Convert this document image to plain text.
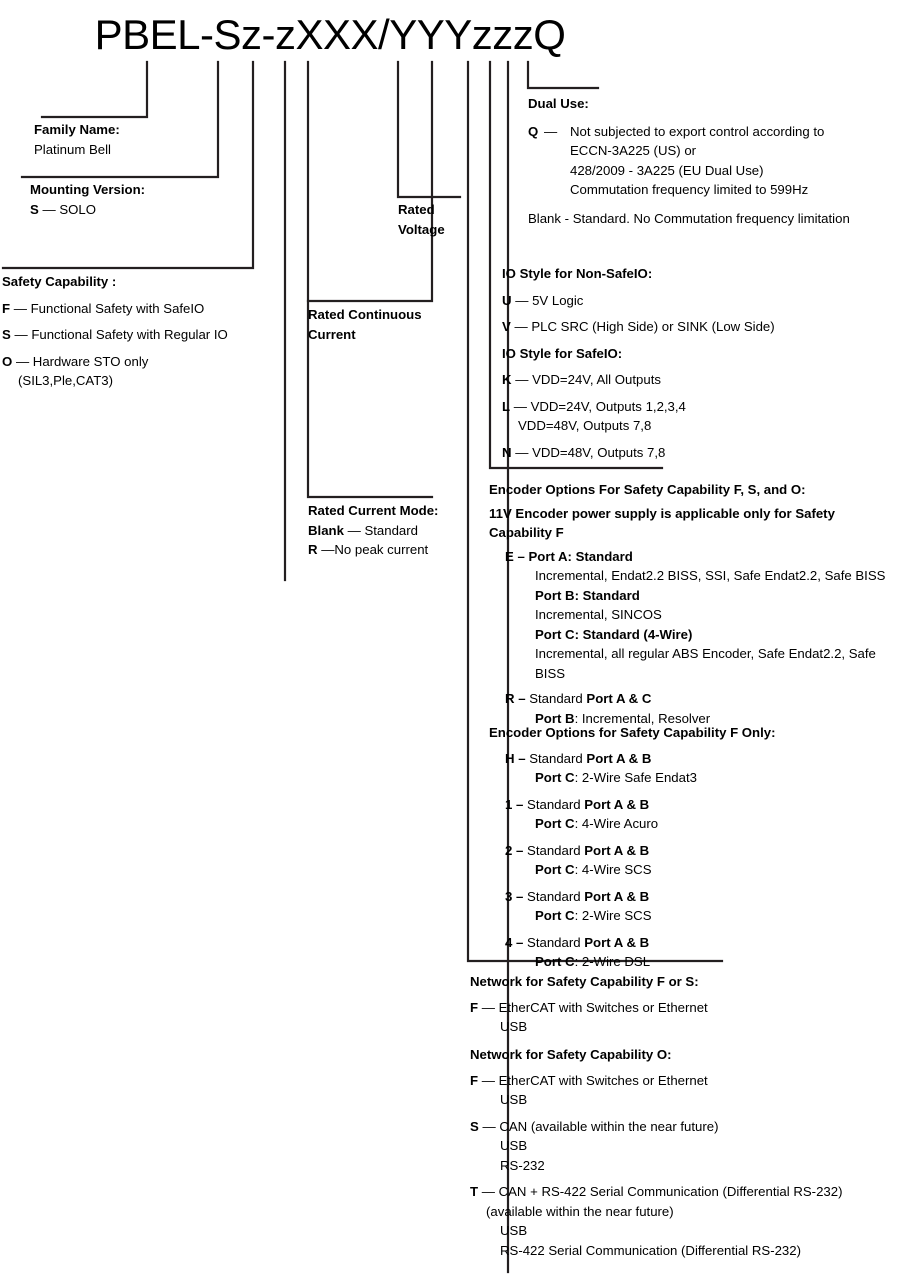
PBEL-Sz-zXXX/YYYzzzQ
Family Name:
Platinum Bell
Mounting Version:
S — SOLO
Safety Capability :
F — Functional Safety with SafeIO
S — Functional Safety with Regular IO
O — Hardware STO only
(SIL3,Ple,CAT3)
Rated Continuous
Current
Rated
Voltage
Rated Current Mode:
Blank — Standard
R —No peak current
Dual Use:
Q — Not subjected to export control according to
ECCN-3A225 (US) or
428/2009 - 3A225 (EU Dual Use)
Commutation frequency limited to 599Hz
Blank - Standard. No Commutation frequency limitation
IO Style for Non-SafeIO:
U — 5V Logic
V — PLC SRC (High Side) or SINK (Low Side)
IO Style for SafeIO:
K — VDD=24V, All Outputs
L — VDD=24V, Outputs 1,2,3,4
VDD=48V, Outputs 7,8
N — VDD=48V, Outputs 7,8
Encoder Options For Safety Capability F, S, and O:
11V Encoder power supply is applicable only for Safety
Capability F
E – Port A: Standard
Incremental, Endat2.2 BISS, SSI, Safe Endat2.2, Safe BISS
Port B: Standard
Incremental, SINCOS
Port C: Standard (4-Wire)
Incremental, all regular ABS Encoder, Safe Endat2.2, Safe
BISS
R – Standard Port A & C
Port B: Incremental, Resolver
Encoder Options for Safety Capability F Only:
H – Standard Port A & B
Port C: 2-Wire Safe Endat3
1 – Standard Port A & B
Port C: 4-Wire Acuro
2 – Standard Port A & B
Port C: 4-Wire SCS
3 – Standard Port A & B
Port C: 2-Wire SCS
4 – Standard Port A & B
Port C: 2-Wire DSL
Network for Safety Capability F or S:
F — EtherCAT with Switches or Ethernet
USB
Network for Safety Capability O:
F — EtherCAT with Switches or Ethernet
USB
S — CAN (available within the near future)
USB
RS-232
T — CAN + RS-422 Serial Communication (Differential RS-232)
(available within the near future)
USB
RS-422 Serial Communication (Differential RS-232)
